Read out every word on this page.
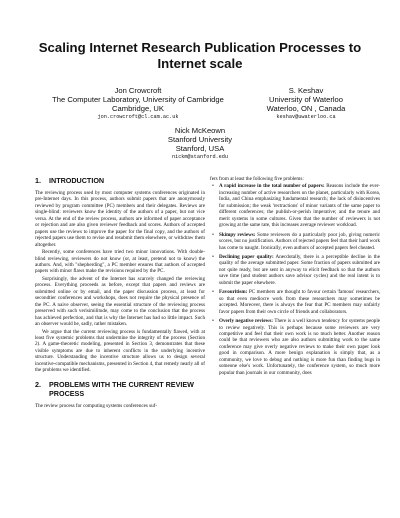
Scaling Internet Research Publication Processes to Internet scale
Jon Crowcroft
The Computer Laboratory, University of Cambridge
Cambridge, UK
jon.crowcroft@cl.cam.ac.uk
S. Keshav
University of Waterloo
Waterloo, ON , Canada
keshav@uwaterloo.ca
Nick McKeown
Stanford University
Stanford, USA
nickm@stanford.edu
1. INTRODUCTION

The reviewing process used by most computer systems conferences originated in pre-Internet days. In this process, authors submit papers that are anonymously reviewed by program committee (PC) members and their delegates. Reviews are single-blind: reviewers know the identity of the authors of a paper, but not vice versa. At the end of the review process, authors are informed of paper acceptance or rejection and are also given reviewer feedback and scores. Authors of accepted papers use the reviews to improve the paper for the final copy, and the authors of rejected papers use them to revise and resubmit them elsewhere, or withdraw them altogether.

Recently, some conferences have tried two minor innovations. With double-blind reviewing, reviewers do not know (or, at least, pretend not to know) the authors. And, with "shepherding", a PC member ensures that authors of accepted papers with minor flaws make the revisions required by the PC.

Surprisingly, the advent of the Internet has scarcely changed the reviewing process. Everything proceeds as before, except that papers and reviews are submitted online or by email, and the paper discussion process, at least for secondtier conferences and workshops, does not require the physical presence of the PC. A naive observer, seeing the essential structure of the reviewing process preserved with such verisimilitude, may come to the conclusion that the process has achieved perfection, and that is why the Internet has had so little impact. Such an observer would be, sadly, rather mistaken.

We argue that the current reviewing process is fundamentally flawed, with at least five systemic problems that undermine the integrity of the process (Section 2). A game-theoretic modeling, presented in Section 3, demonstrates that these visible symptoms are due to inherent conflicts in the underlying incentive structure. Understanding the incentive structure allows us to design several incentive-compatible mechanisms, presented in Section 4, that remedy nearly all of the problems we identified.

2. PROBLEMS WITH THE CURRENT REVIEW PROCESS

The review process for computing systems conferences suf-

fers from at least the following five problems:

• A rapid increase in the total number of papers: Reasons include the ever-increasing number of active researchers on the planet, particularly with Korea, India, and China emphasizing fundamental research; the lack of disincentives for submission; the weak 'rectractions' of minor variants of the same paper to different conferences; the publish-or-perish imperative; and the tenure and merit systems in some cultures. Given that the number of reviewers is not growing at the same rate, this increases average reviewer workload.
• Skimpy reviews: Some reviewers do a particularly poor job, giving numeric scores, but no justification. Authors of rejected papers feel that their hard work has come to naught. Ironically, even authors of accepted papers feel cheated.
• Declining paper quality: Anecdotally, there is a perceptible decline in the quality of the average submitted paper. Some fraction of papers submitted are not quite ready, but are sent in anyway to elicit feedback so that the authors save time (and student authors save advisor cycles) and the real intent is to submit the paper elsewhere.
• Favouritism: PC members are thought to favour certain 'famous' researchers, so that even mediocre work from these researchers may sometimes be accepted. Moreover, there is always the fear that PC members may unfairly favor papers from their own circle of friends and collaborators.
• Overly negative reviews: There is a well known tendency for systems people to review negatively. This is perhaps because some reviewers are very competitive and feel that their own work is no much better. Another reason could be that reviewers who are also authors submitting work to the same conference may give overly negative reviews to make their own paper look good in comparison. A more benign explanation is simply that, as a community, we love to debug and nothing is more fun than finding bugs in someone else's work. Unfortunately, the conference system, so much more popular than journals in our community, does
